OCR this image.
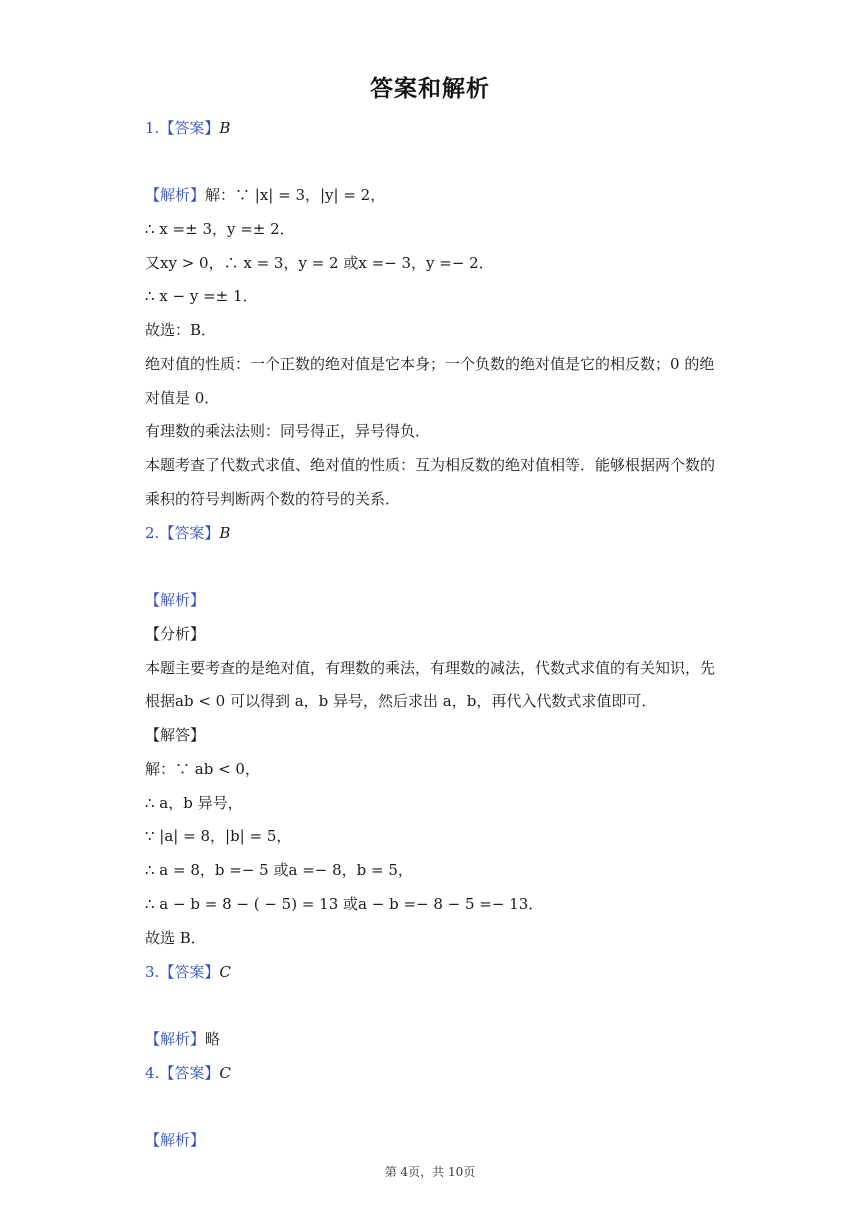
答案和解析
1.【答案】B
【解析】解：∵ |x| = 3，|y| = 2，
∴ x =± 3，y =± 2．
又xy > 0，∴ x = 3，y = 2 或x =− 3，y =− 2．
∴ x − y =± 1．
故选：B．
绝对值的性质：一个正数的绝对值是它本身；一个负数的绝对值是它的相反数；0 的绝
对值是 0．
有理数的乘法法则：同号得正，异号得负．
本题考查了代数式求值、绝对值的性质：互为相反数的绝对值相等．能够根据两个数的
乘积的符号判断两个数的符号的关系．
2.【答案】B
【解析】
【分析】
本题主要考查的是绝对值，有理数的乘法，有理数的减法，代数式求值的有关知识，先
根据ab < 0 可以得到 a，b 异号，然后求出 a，b，再代入代数式求值即可．
【解答】
解：∵ ab < 0，
∴ a，b 异号，
∵ |a| = 8，|b| = 5，
∴ a = 8，b =− 5 或a =− 8，b = 5，
∴ a − b = 8 − ( − 5) = 13 或a − b =− 8 − 5 =− 13．
故选 B．
3.【答案】C
【解析】略
4.【答案】C
【解析】
第 4页，共 10页
